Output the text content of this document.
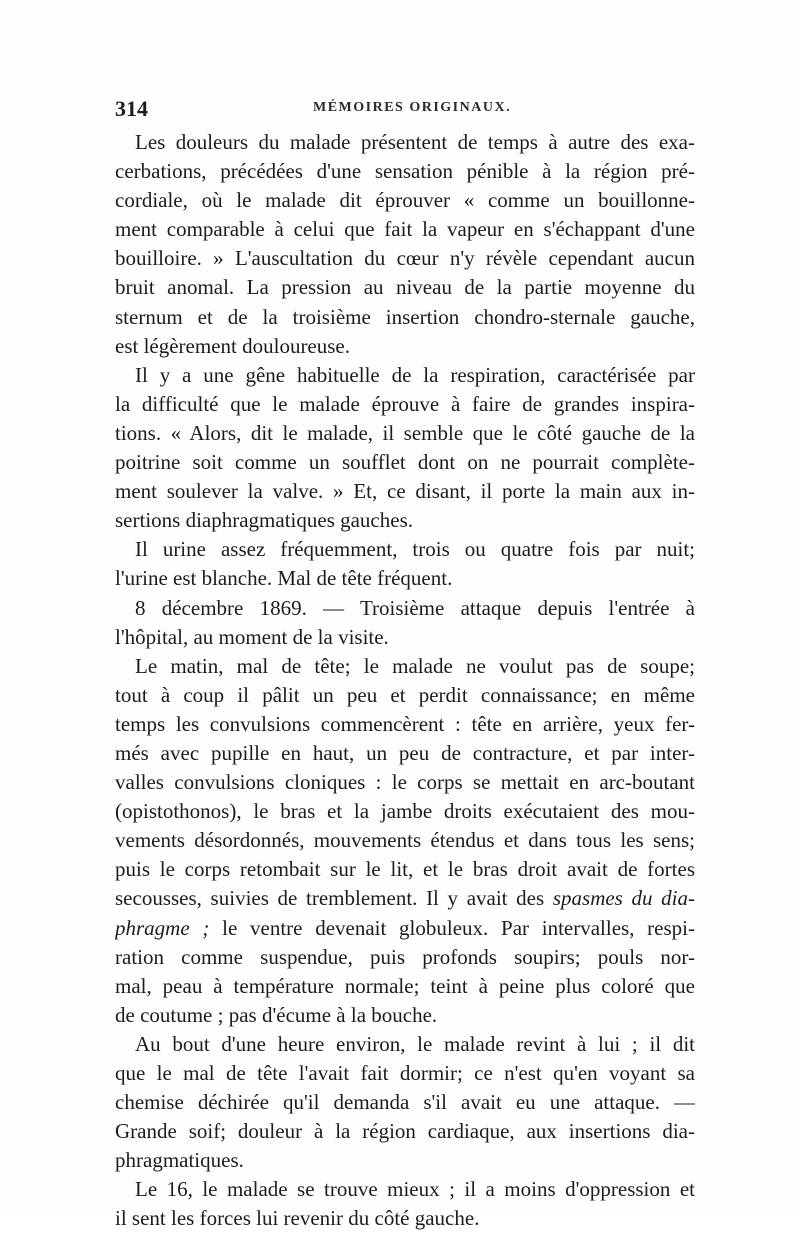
314	MÉMOIRES ORIGINAUX.
Les douleurs du malade présentent de temps à autre des exa-
cerbations, précédées d'une sensation pénible à la région pré-
cordiale, où le malade dit éprouver « comme un bouillonne-
ment comparable à celui que fait la vapeur en s'échappant d'une
bouilloire. » L'auscultation du cœur n'y révèle cependant aucun
bruit anomal. La pression au niveau de la partie moyenne du
sternum et de la troisième insertion chondro-sternale gauche,
est légèrement douloureuse.
Il y a une gêne habituelle de la respiration, caractérisée par
la difficulté que le malade éprouve à faire de grandes inspira-
tions. « Alors, dit le malade, il semble que le côté gauche de la
poitrine soit comme un soufflet dont on ne pourrait complète-
ment soulever la valve. » Et, ce disant, il porte la main aux in-
sertions diaphragmatiques gauches.
Il urine assez fréquemment, trois ou quatre fois par nuit;
l'urine est blanche. Mal de tête fréquent.
8 décembre 1869. — Troisième attaque depuis l'entrée à
l'hôpital, au moment de la visite.
Le matin, mal de tête; le malade ne voulut pas de soupe;
tout à coup il pâlit un peu et perdit connaissance; en même
temps les convulsions commencèrent : tête en arrière, yeux fer-
més avec pupille en haut, un peu de contracture, et par inter-
valles convulsions cloniques : le corps se mettait en arc-boutant
(opistothonos), le bras et la jambe droits exécutaient des mou-
vements désordonnés, mouvements étendus et dans tous les sens;
puis le corps retombait sur le lit, et le bras droit avait de fortes
secousses, suivies de tremblement. Il y avait des spasmes du dia-
phragme ; le ventre devenait globuleux. Par intervalles, respi-
ration comme suspendue, puis profonds soupirs; pouls nor-
mal, peau à température normale; teint à peine plus coloré que
de coutume ; pas d'écume à la bouche.
Au bout d'une heure environ, le malade revint à lui ; il dit
que le mal de tête l'avait fait dormir; ce n'est qu'en voyant sa
chemise déchirée qu'il demanda s'il avait eu une attaque. —
Grande soif; douleur à la région cardiaque, aux insertions dia-
phragmatiques.
Le 16, le malade se trouve mieux ; il a moins d'oppression et
il sent les forces lui revenir du côté gauche.
